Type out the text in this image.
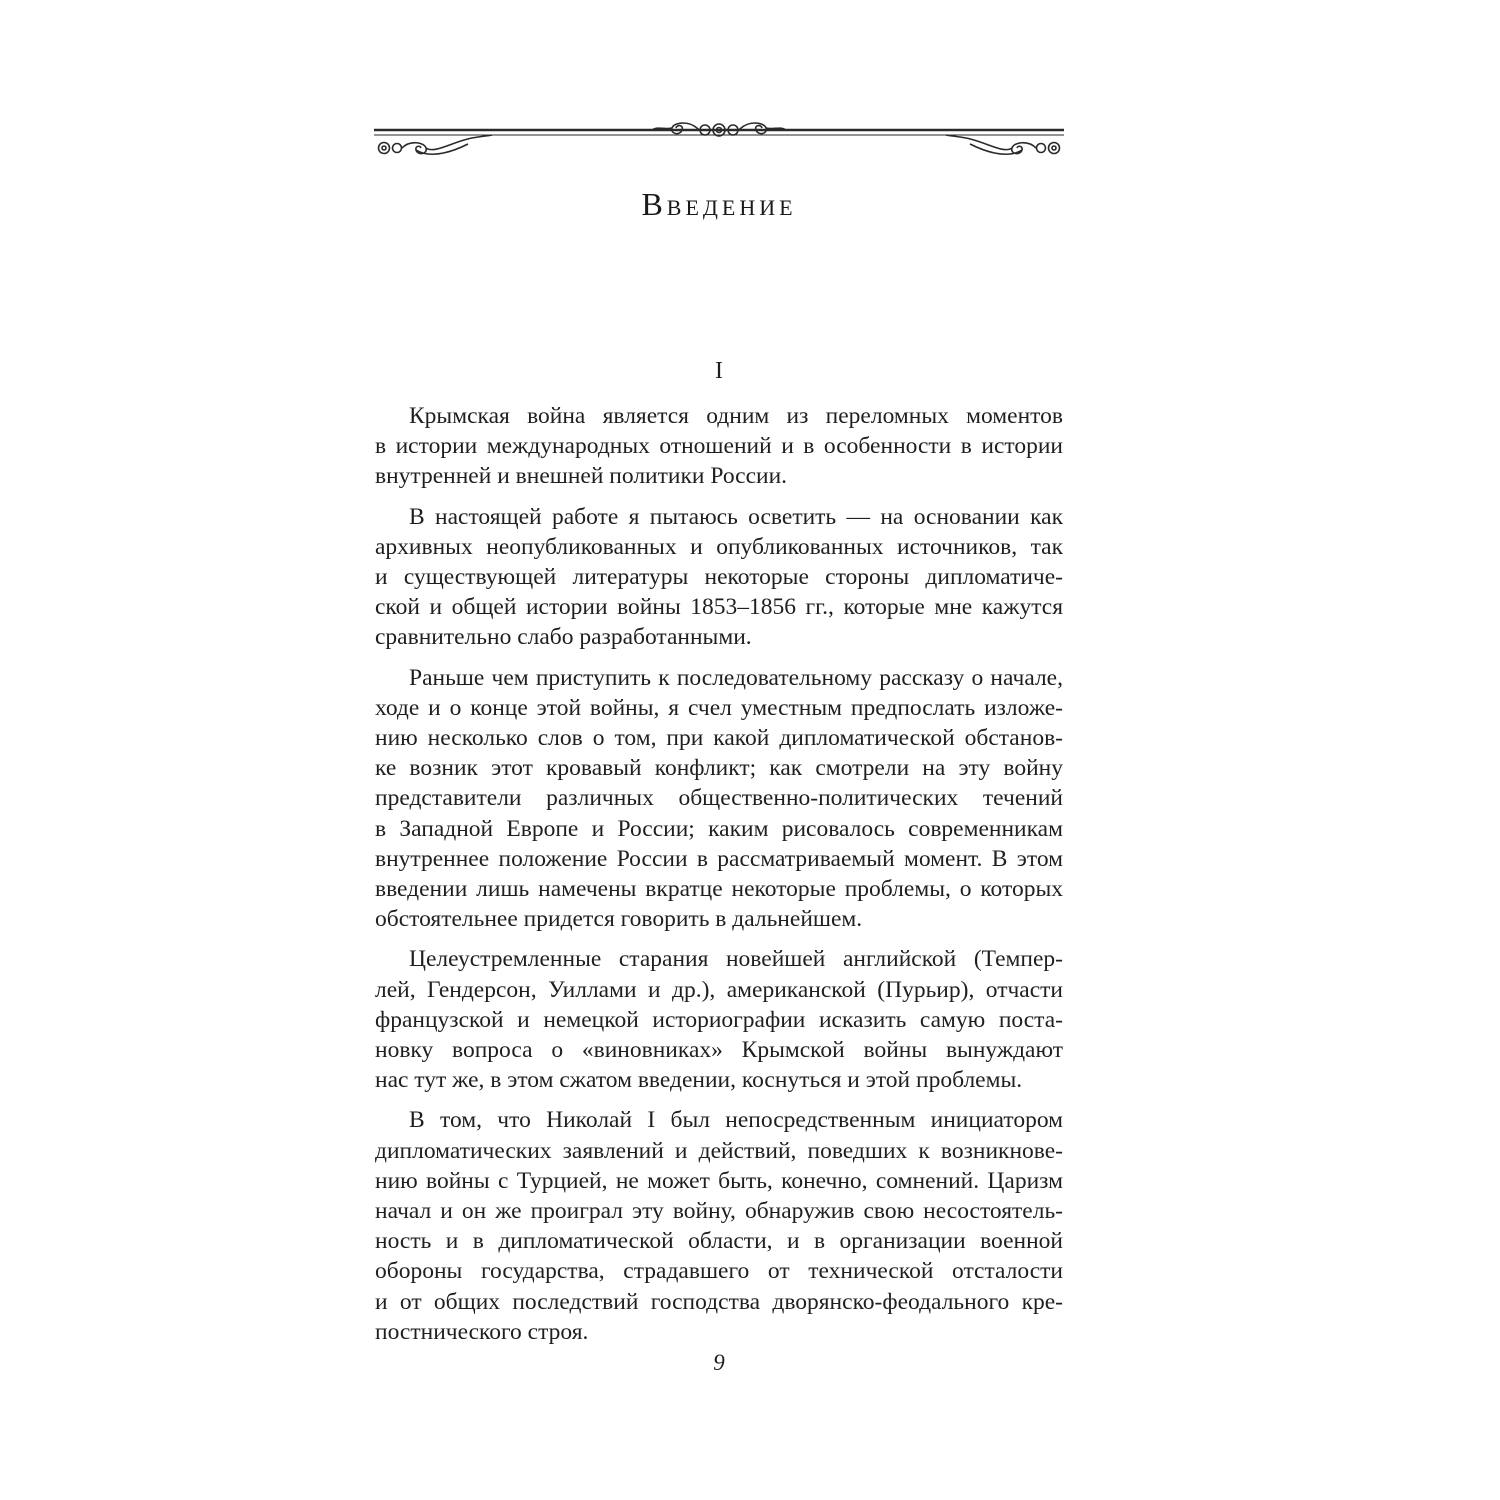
Введение
I

Крымская война является одним из переломных моментов
в истории международных отношений и в особенности в истории
внутренней и внешней политики России.

В настоящей работе я пытаюсь осветить — на основании как
архивных неопубликованных и опубликованных источников, так
и существующей литературы некоторые стороны дипломатиче-
ской и общей истории войны 1853–1856 гг., которые мне кажутся
сравнительно слабо разработанными.

Раньше чем приступить к последовательному рассказу о начале,
ходе и о конце этой войны, я счел уместным предпослать изложе-
нию несколько слов о том, при какой дипломатической обстанов-
ке возник этот кровавый конфликт; как смотрели на эту войну
представители различных общественно-политических течений
в Западной Европе и России; каким рисовалось современникам
внутреннее положение России в рассматриваемый момент. В этом
введении лишь намечены вкратце некоторые проблемы, о которых
обстоятельнее придется говорить в дальнейшем.

Целеустремленные старания новейшей английской (Темпер-
лей, Гендерсон, Уиллами и др.), американской (Пурьир), отчасти
французской и немецкой историографии исказить самую поста-
новку вопроса о «виновниках» Крымской войны вынуждают
нас тут же, в этом сжатом введении, коснуться и этой проблемы.

В том, что Николай I был непосредственным инициатором
дипломатических заявлений и действий, поведших к возникнове-
нию войны с Турцией, не может быть, конечно, сомнений. Царизм
начал и он же проиграл эту войну, обнаружив свою несостоятель-
ность и в дипломатической области, и в организации военной
обороны государства, страдавшего от технической отсталости
и от общих последствий господства дворянско-феодального кре-
постнического строя.

9
